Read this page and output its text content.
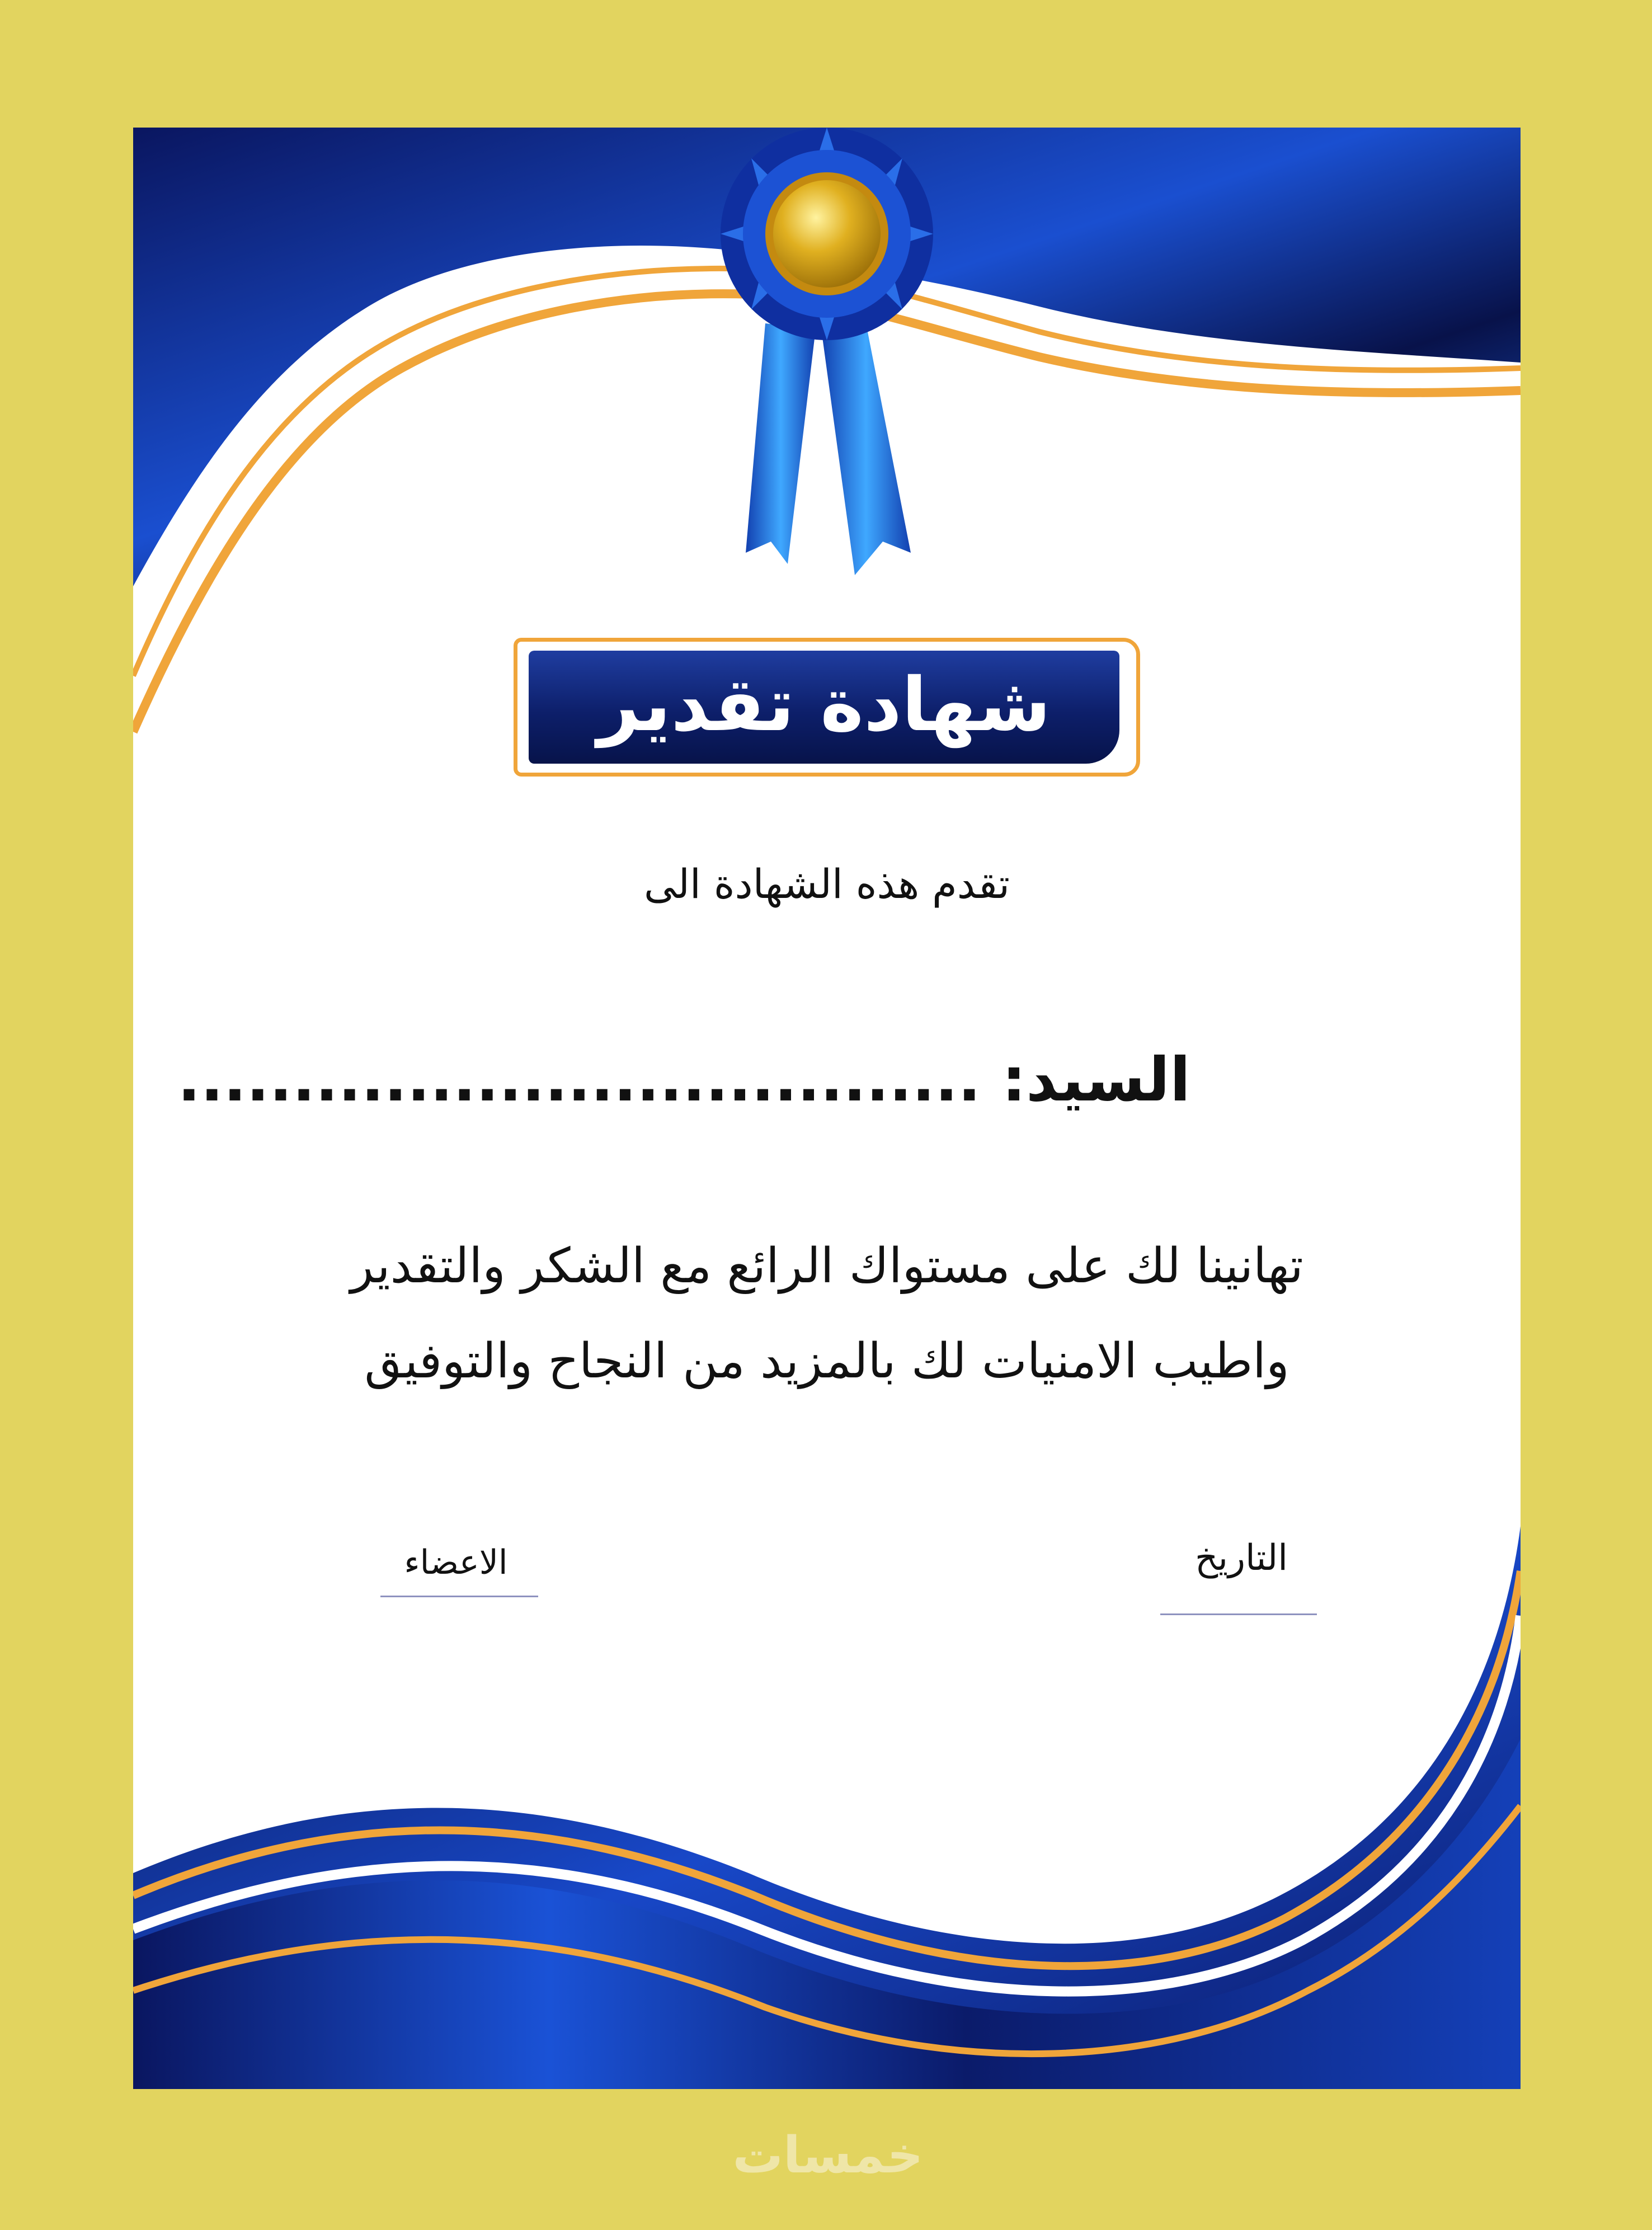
شهادة تقدير
تقدم هذه الشهادة الى
السيد: ...................................
تهانينا لك على مستواك الرائع مع الشكر والتقدير
واطيب الامنيات لك بالمزيد من النجاح والتوفيق
التاريخ
الاعضاء
خمسات
